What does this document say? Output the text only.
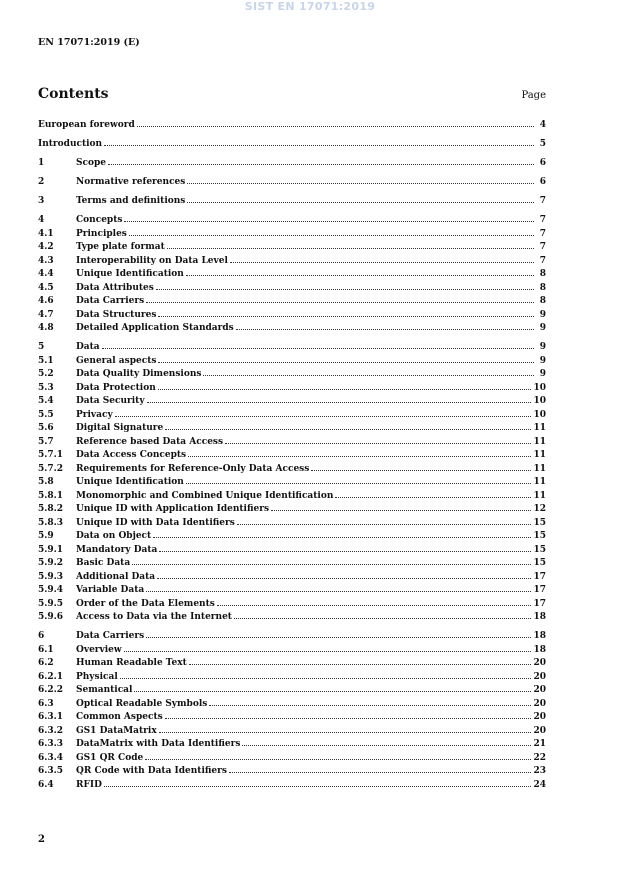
SIST EN 17071:2019
EN 17071:2019 (E)
Contents	Page
European foreword	4
Introduction	5
1	Scope	6
2	Normative references	6
3	Terms and definitions	7
4	Concepts	7
4.1	Principles	7
4.2	Type plate format	7
4.3	Interoperability on Data Level	7
4.4	Unique Identification	8
4.5	Data Attributes	8
4.6	Data Carriers	8
4.7	Data Structures	9
4.8	Detailed Application Standards	9
5	Data	9
5.1	General aspects	9
5.2	Data Quality Dimensions	9
5.3	Data Protection	10
5.4	Data Security	10
5.5	Privacy	10
5.6	Digital Signature	11
5.7	Reference based Data Access	11
5.7.1	Data Access Concepts	11
5.7.2	Requirements for Reference-Only Data Access	11
5.8	Unique Identification	11
5.8.1	Monomorphic and Combined Unique Identification	11
5.8.2	Unique ID with Application Identifiers	12
5.8.3	Unique ID with Data Identifiers	15
5.9	Data on Object	15
5.9.1	Mandatory Data	15
5.9.2	Basic Data	15
5.9.3	Additional Data	17
5.9.4	Variable Data	17
5.9.5	Order of the Data Elements	17
5.9.6	Access to Data via the Internet	18
6	Data Carriers	18
6.1	Overview	18
6.2	Human Readable Text	20
6.2.1	Physical	20
6.2.2	Semantical	20
6.3	Optical Readable Symbols	20
6.3.1	Common Aspects	20
6.3.2	GS1 DataMatrix	20
6.3.3	DataMatrix with Data Identifiers	21
6.3.4	GS1 QR Code	22
6.3.5	QR Code with Data Identifiers	23
6.4	RFID	24
2
